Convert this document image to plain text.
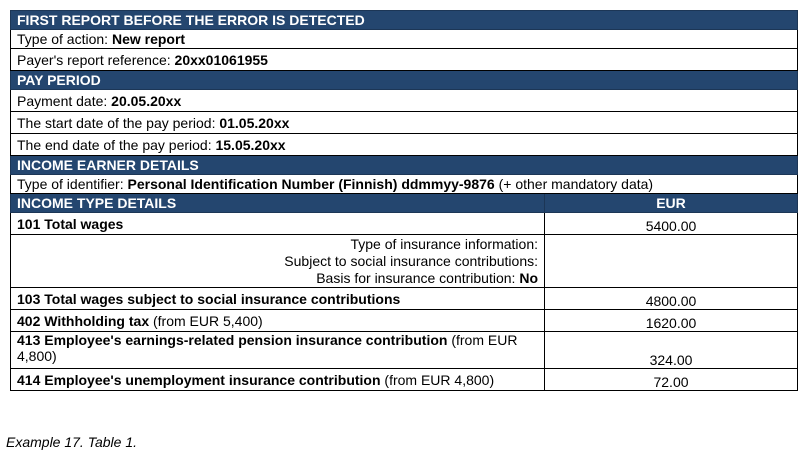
FIRST REPORT BEFORE THE ERROR IS DETECTED	
Type of action: New report	
Payer's report reference: 20xx01061955	
PAY PERIOD	
Payment date: 20.05.20xx	
The start date of the pay period: 01.05.20xx	
The end date of the pay period: 15.05.20xx	
INCOME EARNER DETAILS	
Type of identifier: Personal Identification Number (Finnish) ddmmyy-9876 (+ other mandatory data)	
INCOME TYPE DETAILS	EUR
101 Total wages	5400.00

Type of insurance information:
Subject to social insurance contributions:
Basis for insurance contribution: No	

103 Total wages subject to social insurance contributions	4800.00
402 Withholding tax (from EUR 5,400)	1620.00
413 Employee's earnings-related pension insurance contribution (from EUR 4,800)	324.00
414 Employee's unemployment insurance contribution (from EUR 4,800)	72.00
Example 17. Table 1.
